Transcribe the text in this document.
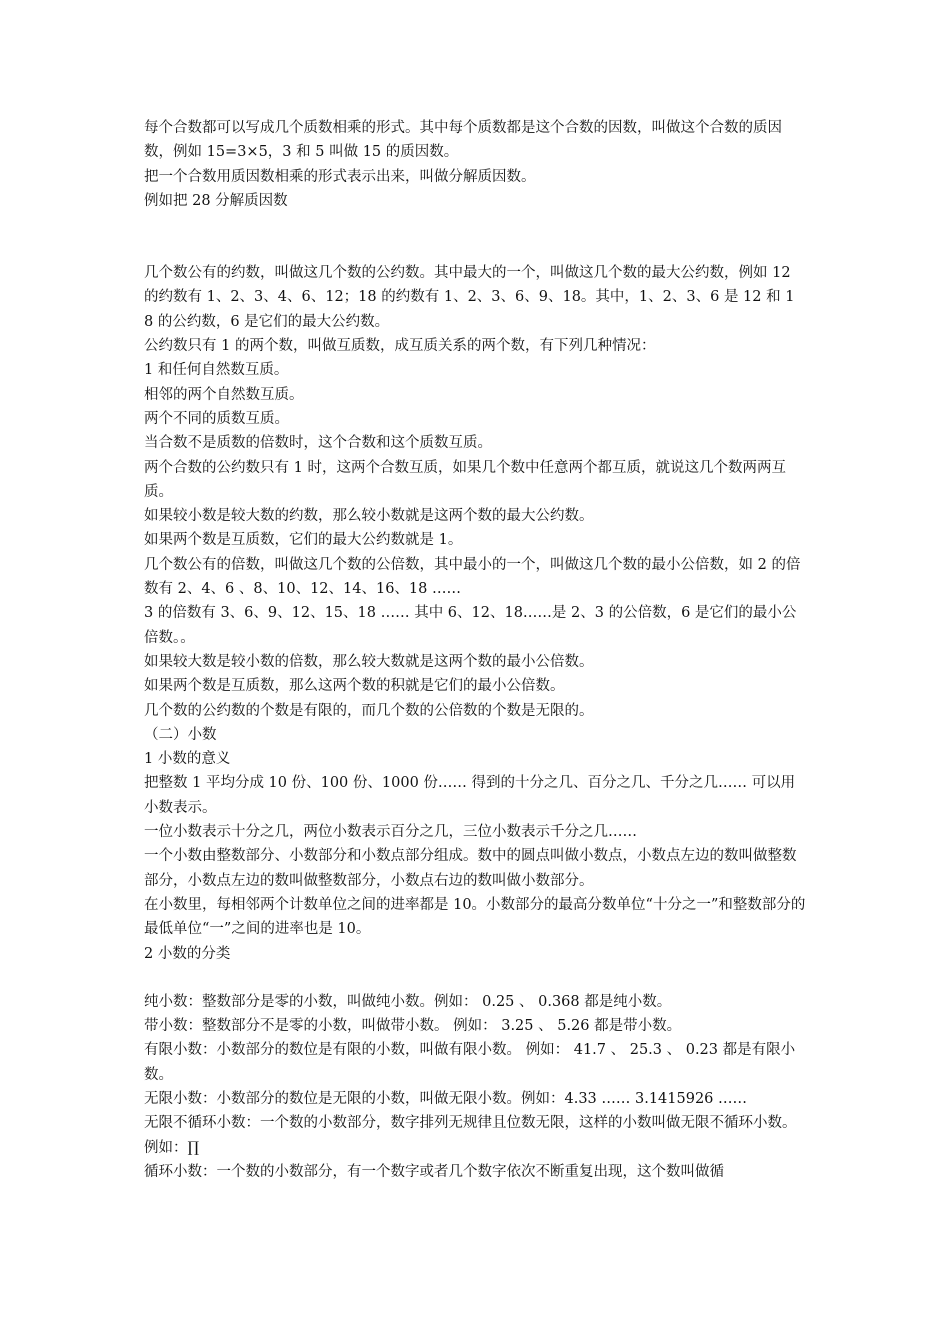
每个合数都可以写成几个质数相乘的形式。其中每个质数都是这个合数的因数，叫做这个合数的质因数，例如 15=3×5，3 和 5 叫做 15 的质因数。

把一个合数用质因数相乘的形式表示出来，叫做分解质因数。

例如把 28 分解质因数

几个数公有的约数，叫做这几个数的公约数。其中最大的一个，叫做这几个数的最大公约数，例如 12 的约数有 1、2、3、4、6、12；18 的约数有 1、2、3、6、9、18。其中，1、2、3、6 是 12 和 1 8 的公约数，6 是它们的最大公约数。

公约数只有 1 的两个数，叫做互质数，成互质关系的两个数，有下列几种情况：

1 和任何自然数互质。

相邻的两个自然数互质。

两个不同的质数互质。

当合数不是质数的倍数时，这个合数和这个质数互质。

两个合数的公约数只有 1 时，这两个合数互质，如果几个数中任意两个都互质，就说这几个数两两互质。

如果较小数是较大数的约数，那么较小数就是这两个数的最大公约数。

如果两个数是互质数，它们的最大公约数就是 1。

几个数公有的倍数，叫做这几个数的公倍数，其中最小的一个，叫做这几个数的最小公倍数，如 2 的倍数有 2、4、6 、8、10、12、14、16、18 ……

3 的倍数有 3、6、9、12、15、18 …… 其中 6、12、18……是 2、3 的公倍数，6 是它们的最小公倍数。。

如果较大数是较小数的倍数，那么较大数就是这两个数的最小公倍数。

如果两个数是互质数，那么这两个数的积就是它们的最小公倍数。

几个数的公约数的个数是有限的，而几个数的公倍数的个数是无限的。

（二）小数

1 小数的意义

把整数 1 平均分成 10 份、100 份、1000 份…… 得到的十分之几、百分之几、千分之几…… 可以用小数表示。

一位小数表示十分之几，两位小数表示百分之几，三位小数表示千分之几……

一个小数由整数部分、小数部分和小数点部分组成。数中的圆点叫做小数点，小数点左边的数叫做整数部分，小数点左边的数叫做整数部分，小数点右边的数叫做小数部分。

在小数里，每相邻两个计数单位之间的进率都是 10。小数部分的最高分数单位“十分之一”和整数部分的最低单位“一”之间的进率也是 10。

2 小数的分类

纯小数：整数部分是零的小数，叫做纯小数。例如： 0.25 、 0.368 都是纯小数。

带小数：整数部分不是零的小数，叫做带小数。 例如： 3.25 、 5.26 都是带小数。

有限小数：小数部分的数位是有限的小数，叫做有限小数。 例如： 41.7 、 25.3 、 0.23 都是有限小数。

无限小数：小数部分的数位是无限的小数，叫做无限小数。例如：4.33 …… 3.1415926 ……

无限不循环小数：一个数的小数部分，数字排列无规律且位数无限，这样的小数叫做无限不循环小数。 例如：∏

循环小数：一个数的小数部分，有一个数字或者几个数字依次不断重复出现，这个数叫做循
